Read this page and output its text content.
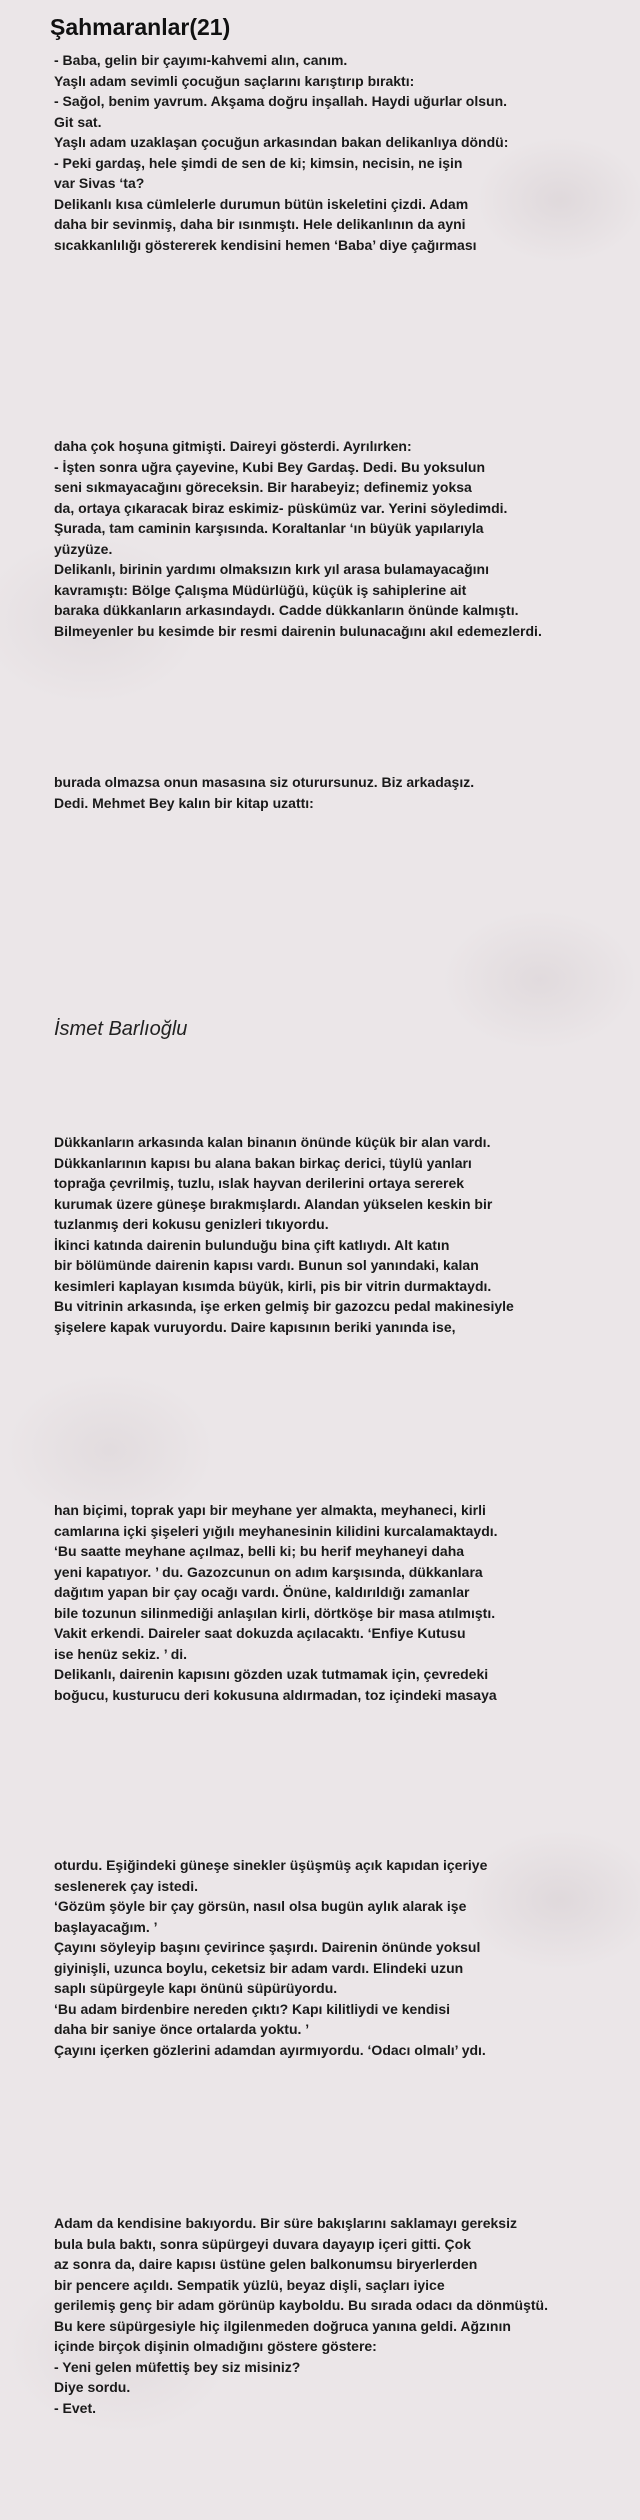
Şahmaranlar(21)
- Baba, gelin bir çayımı-kahvemi alın, canım.
Yaşlı adam sevimli çocuğun saçlarını karıştırıp bıraktı:
- Sağol, benim yavrum. Akşama doğru inşallah. Haydi uğurlar olsun.
Git sat.
Yaşlı adam uzaklaşan çocuğun arkasından bakan delikanlıya döndü:
- Peki gardaş, hele şimdi de sen de ki; kimsin, necisin, ne işin
var Sivas ‘ta?
Delikanlı kısa cümlelerle durumun bütün iskeletini çizdi. Adam
daha bir sevinmiş, daha bir ısınmıştı. Hele delikanlının da ayni
sıcakkanlılığı göstererek kendisini hemen ‘Baba’ diye çağırması
daha çok hoşuna gitmişti. Daireyi gösterdi. Ayrılırken:
- İşten sonra uğra çayevine, Kubi Bey Gardaş. Dedi. Bu yoksulun
seni sıkmayacağını göreceksin. Bir harabeyiz; definemiz yoksa
da, ortaya çıkaracak biraz eskimiz- püskümüz var. Yerini söyledimdi.
Şurada, tam caminin karşısında. Koraltanlar ‘ın büyük yapılarıyla
yüzyüze.
Delikanlı, birinin yardımı olmaksızın kırk yıl arasa bulamayacağını
kavramıştı: Bölge Çalışma Müdürlüğü, küçük iş sahiplerine ait
baraka dükkanların arkasındaydı. Cadde dükkanların önünde kalmıştı.
Bilmeyenler bu kesimde bir resmi dairenin bulunacağını akıl edemezlerdi.
burada olmazsa onun masasına siz oturursunuz. Biz arkadaşız.
Dedi. Mehmet Bey kalın bir kitap uzattı:
İsmet Barlıoğlu
Dükkanların arkasında kalan binanın önünde küçük bir alan vardı.
Dükkanlarının kapısı bu alana bakan birkaç derici, tüylü yanları
toprağa çevrilmiş, tuzlu, ıslak hayvan derilerini ortaya sererek
kurumak üzere güneşe bırakmışlardı. Alandan yükselen keskin bir
tuzlanmış deri kokusu genizleri tıkıyordu.
İkinci katında dairenin bulunduğu bina çift katlıydı. Alt katın
bir bölümünde dairenin kapısı vardı. Bunun sol yanındaki, kalan
kesimleri kaplayan kısımda büyük, kirli, pis bir vitrin durmaktaydı.
Bu vitrinin arkasında, işe erken gelmiş bir gazozcu pedal makinesiyle
şişelere kapak vuruyordu. Daire kapısının beriki yanında ise,
han biçimi, toprak yapı bir meyhane yer almakta, meyhaneci, kirli
camlarına içki şişeleri yığılı meyhanesinin kilidini kurcalamaktaydı.
‘Bu saatte meyhane açılmaz, belli ki; bu herif meyhaneyi daha
yeni kapatıyor. ’ du. Gazozcunun on adım karşısında, dükkanlara
dağıtım yapan bir çay ocağı vardı. Önüne, kaldırıldığı zamanlar
bile tozunun silinmediği anlaşılan kirli, dörtköşe bir masa atılmıştı.
Vakit erkendi. Daireler saat dokuzda açılacaktı. ‘Enfiye Kutusu
ise henüz sekiz. ’ di.
Delikanlı, dairenin kapısını gözden uzak tutmamak için, çevredeki
boğucu, kusturucu deri kokusuna aldırmadan, toz içindeki masaya
oturdu. Eşiğindeki güneşe sinekler üşüşmüş açık kapıdan içeriye
seslenerek çay istedi.
‘Gözüm şöyle bir çay görsün, nasıl olsa bugün aylık alarak işe
başlayacağım. ’
Çayını söyleyip başını çevirince şaşırdı. Dairenin önünde yoksul
giyinişli, uzunca boylu, ceketsiz bir adam vardı. Elindeki uzun
saplı süpürgeyle kapı önünü süpürüyordu.
‘Bu adam birdenbire nereden çıktı? Kapı kilitliydi ve kendisi
daha bir saniye önce ortalarda yoktu. ’
Çayını içerken gözlerini adamdan ayırmıyordu. ‘Odacı olmalı’ ydı.
Adam da kendisine bakıyordu. Bir süre bakışlarını saklamayı gereksiz
bula bula baktı, sonra süpürgeyi duvara dayayıp içeri gitti. Çok
az sonra da, daire kapısı üstüne gelen balkonumsu biryerlerden
bir pencere açıldı. Sempatik yüzlü, beyaz dişli, saçları iyice
gerilemiş genç bir adam görünüp kayboldu. Bu sırada odacı da dönmüştü.
Bu kere süpürgesiyle hiç ilgilenmeden doğruca yanına geldi. Ağzının
içinde birçok dişinin olmadığını göstere göstere:
- Yeni gelen müfettiş bey siz misiniz?
Diye sordu.
- Evet.
